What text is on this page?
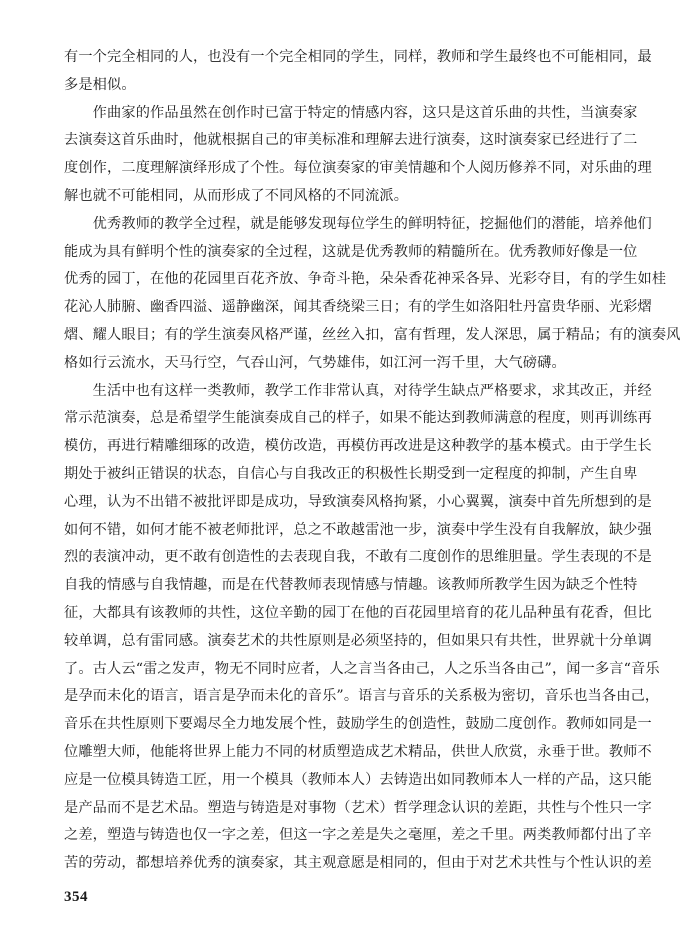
有一个完全相同的人，也没有一个完全相同的学生，同样，教师和学生最终也不可能相同，最
多是相似。
　　作曲家的作品虽然在创作时已富于特定的情感内容，这只是这首乐曲的共性，当演奏家
去演奏这首乐曲时，他就根据自己的审美标准和理解去进行演奏，这时演奏家已经进行了二
度创作，二度理解演绎形成了个性。每位演奏家的审美情趣和个人阅历修养不同，对乐曲的理
解也就不可能相同，从而形成了不同风格的不同流派。
　　优秀教师的教学全过程，就是能够发现每位学生的鲜明特征，挖掘他们的潜能，培养他们
能成为具有鲜明个性的演奏家的全过程，这就是优秀教师的精髓所在。优秀教师好像是一位
优秀的园丁，在他的花园里百花齐放、争奇斗艳，朵朵香花神采各异、光彩夺目，有的学生如桂
花沁人肺腑、幽香四溢、遥静幽深，闻其香绕梁三日；有的学生如洛阳牡丹富贵华丽、光彩熠
熠、耀人眼目；有的学生演奏风格严谨，丝丝入扣，富有哲理，发人深思，属于精品；有的演奏风
格如行云流水，天马行空，气吞山河，气势雄伟，如江河一泻千里，大气磅礴。
　　生活中也有这样一类教师，教学工作非常认真，对待学生缺点严格要求，求其改正，并经
常示范演奏，总是希望学生能演奏成自己的样子，如果不能达到教师满意的程度，则再训练再
模仿，再进行精雕细琢的改造，模仿改造，再模仿再改进是这种教学的基本模式。由于学生长
期处于被纠正错误的状态，自信心与自我改正的积极性长期受到一定程度的抑制，产生自卑
心理，认为不出错不被批评即是成功，导致演奏风格拘紧，小心翼翼，演奏中首先所想到的是
如何不错，如何才能不被老师批评，总之不敢越雷池一步，演奏中学生没有自我解放，缺少强
烈的表演冲动，更不敢有创造性的去表现自我，不敢有二度创作的思维胆量。学生表现的不是
自我的情感与自我情趣，而是在代替教师表现情感与情趣。该教师所教学生因为缺乏个性特
征，大都具有该教师的共性，这位辛勤的园丁在他的百花园里培育的花儿品种虽有花香，但比
较单调，总有雷同感。演奏艺术的共性原则是必须坚持的，但如果只有共性，世界就十分单调
了。古人云“雷之发声，物无不同时应者，人之言当各由己，人之乐当各由己”，闻一多言“音乐
是孕而未化的语言，语言是孕而未化的音乐”。语言与音乐的关系极为密切，音乐也当各由己，
音乐在共性原则下要竭尽全力地发展个性，鼓励学生的创造性，鼓励二度创作。教师如同是一
位雕塑大师，他能将世界上能力不同的材质塑造成艺术精品，供世人欣赏，永垂于世。教师不
应是一位模具铸造工匠，用一个模具（教师本人）去铸造出如同教师本人一样的产品，这只能
是产品而不是艺术品。塑造与铸造是对事物（艺术）哲学理念认识的差距，共性与个性只一字
之差，塑造与铸造也仅一字之差，但这一字之差是失之毫厘，差之千里。两类教师都付出了辛
苦的劳动，都想培养优秀的演奏家，其主观意愿是相同的，但由于对艺术共性与个性认识的差
354
